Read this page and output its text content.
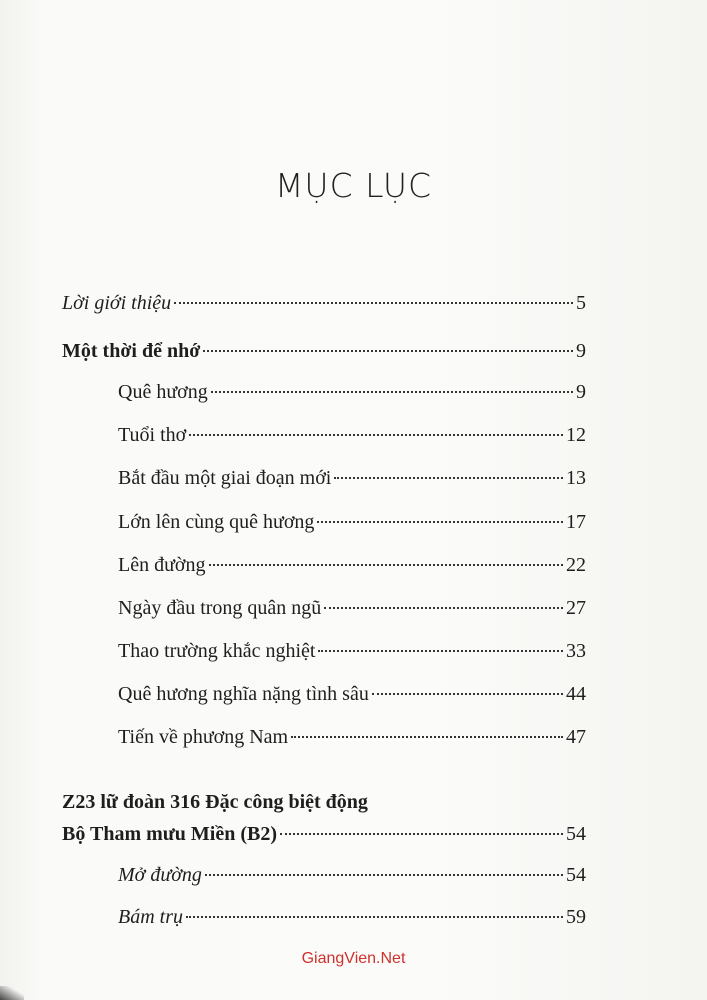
MỤC LỤC
Lời giới thiệu	5
Một thời để nhớ	9
Quê hương	9
Tuổi thơ	12
Bắt đầu một giai đoạn mới	13
Lớn lên cùng quê hương	17
Lên đường	22
Ngày đầu trong quân ngũ	27
Thao trường khắc nghiệt	33
Quê hương nghĩa nặng tình sâu	44
Tiến về phương Nam	47
Z23 lữ đoàn 316 Đặc công biệt động
Bộ Tham mưu Miền (B2)	54
Mở đường	54
Bám trụ	59
GiangVien.Net
